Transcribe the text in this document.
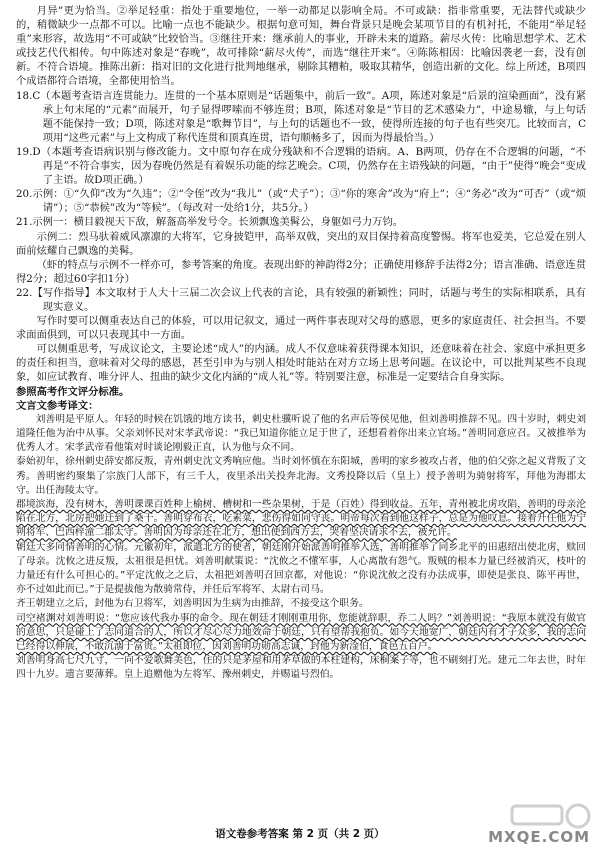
月异”更为恰当。②举足轻重：指处于重要地位，一举一动都足以影响全局。不可或缺：指非常重要，无法替代或缺少的，稍微缺少一点都不可以。比喻一点也不能缺少。根据句意可知，舞台背景只是晚会某项节目的有机衬托，不能用“举足轻重”来形容，故选用“不可或缺”比较恰当。③继往开来：继承前人的事业，开辟未来的道路。薪尽火传：比喻思想学术、艺术或技艺代代相传。句中陈述对象是“春晚”，故可排除“薪尽火传”，而选“继往开来”。④陈陈相因：比喻因袭老一套，没有创新。不符合语境。推陈出新：指对旧的文化进行批判地继承，剔除其糟粕，吸取其精华，创造出新的文化。综上所述，B项四个成语都符合语境，全都使用恰当。

18.C（本题考查语言连贯能力。连贯的一个基本原则是“话题集中，前后一致”。A项，陈述对象是“后景的渲染画面”，没有紧承上句末尾的“元素”而展开，句子显得啰嗦而不够连贯；B项，陈述对象是“节目的艺术感染力”，中途易辙，与上句话题不能保持一致；D项，陈述对象是“歌舞节目”，与上句的话题也不一致，使得所连接的句子也有些突兀。比较而言，C项用“这些元素”与上文构成了称代连贯和顶真连贯，语句顺畅多了，因而为得最恰当。）

19.D（本题考查语病识别与修改能力。文中原句存在成分残缺和不合逻辑的语病。A、B两项，仍存在不合逻辑的问题，“不再是”不符合事实，因为春晚仍然是有着娱乐功能的综艺晚会。C项，仍然存在主语残缺的问题，“由于”使得“晚会”变成了主语。故D项正确。）

20.示例：①“久仰”改为“久违”；②“令侄”改为“我儿”（或“犬子”）；③“你的寒舍”改为“府上”；④“务必”改为“可否”（或“烦请”）；⑤“恭候”改为“等候”。（每改对一处给1分，共5分。）

21.示例一：横目毅视天下敌，解盔高举发号令。长须飘逸美髯公，身躯如弓力万钧。

示例二：烈马驮着威风凛凛的大将军，它身披铠甲，高举双戟，突出的双目保持着高度警惕。将军也爱美，它总爱在别人面前炫耀自己飘逸的美髯。

（虾的特点与示例不一样亦可，参考答案的角度。表现出虾的神韵得2分；正确使用修辞手法得2分；语言准确、语意连贯得2分；超过60字扣1分）

22.【写作指导】本文取材于人大十三届二次会议上代表的言论，具有较强的新颖性；同时，话题与考生的实际相联系，具有现实意义。

写作时要可以侧重表达自己的体验，可以用记叙文，通过一两件事表现对父母的感恩，更多的家庭责任、社会担当。不要求面面俱到，可以只表现其中一方面。

可以侧重思考，写成议论文，主要论述“成人”的内涵。成人不仅意味着获得课本知识，还意味着在社会、家庭中承担更多的责任和担当，意味着对父母的感恩，甚至引申为与别人相处时能站在对方立场上思考问题。在议论中，可以批判某些不良现象，如应试教育、唯分评人、扭曲的缺少文化内涵的“成人礼”等。特别要注意，标准是一定要结合自身实际。

参照高考作文评分标准。

文言文参考译文：

刘善明是平原人。年轻的时候在饥饿的地方读书，刺史杜骥听说了他的名声后等侯见他，但刘善明推辞不见。四十岁时，刺史刘道隆任他为治中从事。父亲刘怀民对宋孝武帝说：“我已知道你能立足于世了，还想看着你出来立官场。”善明同意应召。又被推举为优秀人才。宋孝武帝看他策对时谈论刚毅正直，认为他与众不同。

泰始初年，徐州刺史薛安都反叛，青州刺史沈文秀响应他。当时刘怀慎在东阳城，善明的家乡被攻占者，他的伯父弥之起义背叛了文秀。善明密约聚集了宗族门人部下，有三千人，夜里杀出关投奔北海。文秀投降以后（皇上）授予善明为骑射将军，拜他为海郡太守。出任海陵太守。

郡境滨海，没有树木，善明课课百姓种上榆树、槽树和一些杂果树，于是（百姓）得到收益。五年，青州被北虏攻陷，善明的母亲沦陷在北方，北房把她迁到了桑干。善明穿布衣，吃素菜，悲伤得如同守丧。明帝每次看到他这样子，总是为他叹息。接着升任他为宁朔将军、巴西梓潼二郡太守。善明因为母亲还在北方，想出使到西方去，哭着坚决请求不去，被允许。

朝廷大多同情善明的心情。元徽初年，派遣北方的使者，朝廷刚开始派善明推举人选，善明推举了同乡北平的田惠绍出使北虏，赎回了母亲。沈攸之进反叛，太祖很是担忧。刘善明献策说：“沈攸之不懂军事，人心离散有怨气。叛贼的根本力量已经被消灭，枝叶的力量还有什么可担心的。”平定沈攸之之后，太祖把刘善明召回京都，对他说：“你说沈攸之没有办法成事，即使是张良、陈平再世，亦不过如此而已。”于是提拔他为散骑常侍，并任后军将军、太尉右司马。

齐王朝建立之后，封他为右卫将军，刘善明因为生病为由推辞，不接受这个职务。

司空褚渊对刘善明说：“您应该代我办事的命令。现在朝廷才刚刚重用你，您能就辞职，乔二人吗？”刘善明说：“我原本就没有做官的意思，只是碰上了志同道合的人，所以才尽心尽力地效命于朝廷，只有望帮我抱负。如今天地宽广，朝廷内有才子众多，我的志向已经得以伸展，不敢沉溺于富贵。”太祖即位，因刘善明功勋高志诚，封他为新淦伯，食邑五百户。

刘善明身高七尺九寸，一向不爱歌舞美色，住的只是茅屋和用茅草做的本柱建构，床桐案子等，也不刷刻打光。建元二年去世，时年四十九岁。遗言要薄葬。皇上追赠他为左将军、豫州刺史，并赐谥号烈伯。

语文卷参考答案 第 2 页（共 2 页）	MXQE.COM
